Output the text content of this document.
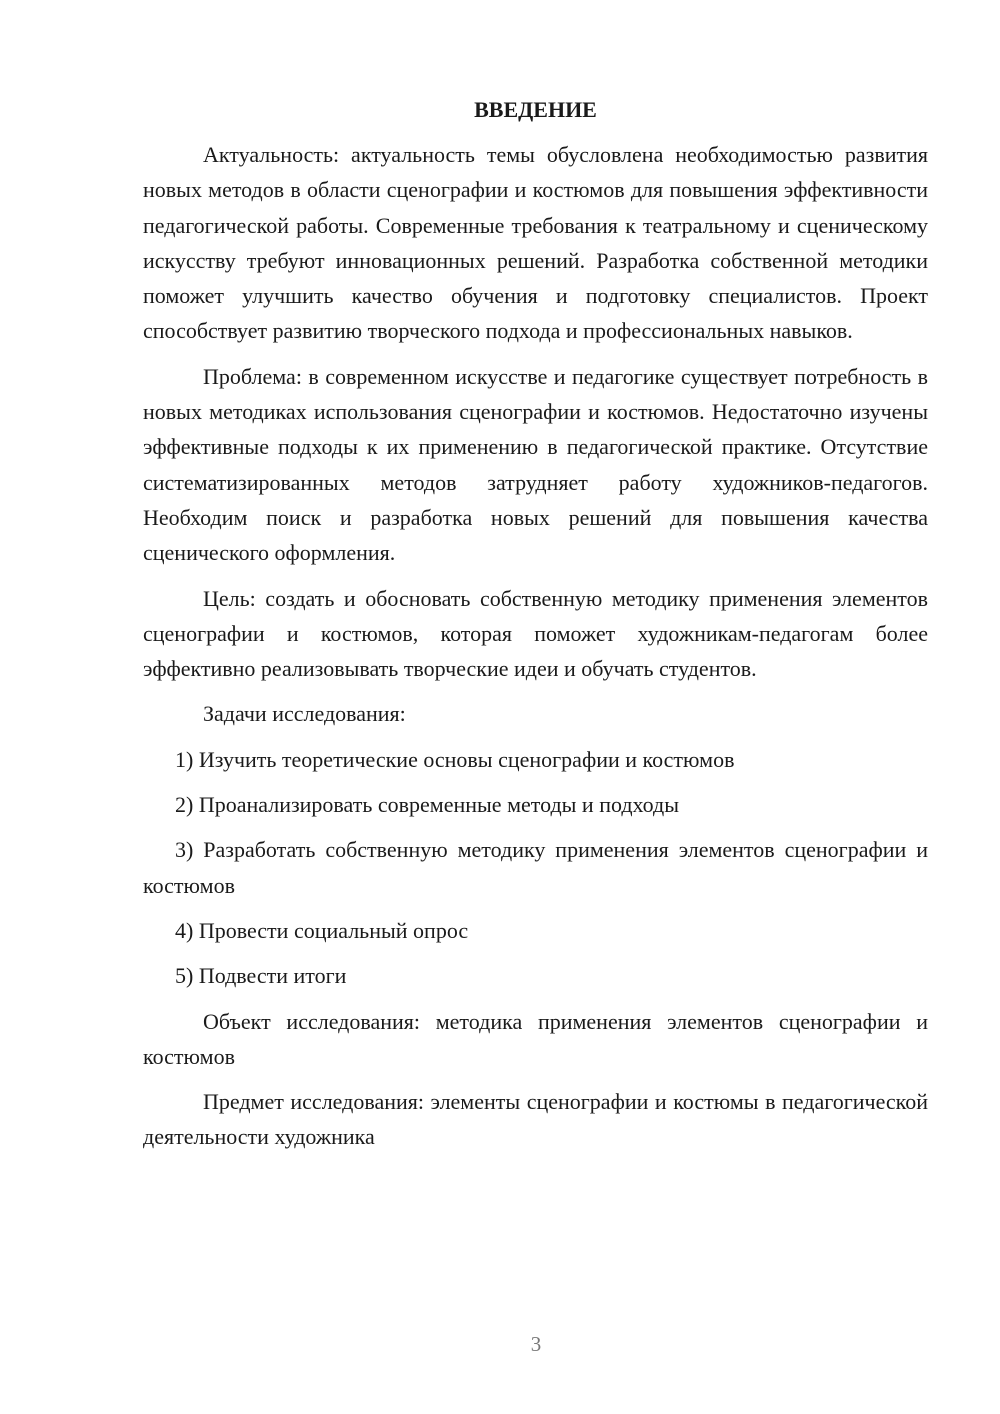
ВВЕДЕНИЕ

Актуальность: актуальность темы обусловлена необходимостью развития новых методов в области сценографии и костюмов для повышения эффективности педагогической работы. Современные требования к театральному и сценическому искусству требуют инновационных решений. Разработка собственной методики поможет улучшить качество обучения и подготовку специалистов. Проект способствует развитию творческого подхода и профессиональных навыков.

Проблема: в современном искусстве и педагогике существует потребность в новых методиках использования сценографии и костюмов. Недостаточно изучены эффективные подходы к их применению в педагогической практике. Отсутствие систематизированных методов затрудняет работу художников-педагогов. Необходим поиск и разработка новых решений для повышения качества сценического оформления.

Цель: создать и обосновать собственную методику применения элементов сценографии и костюмов, которая поможет художникам-педагогам более эффективно реализовывать творческие идеи и обучать студентов.

Задачи исследования:

1) Изучить теоретические основы сценографии и костюмов

2) Проанализировать современные методы и подходы

3) Разработать собственную методику применения элементов сценографии и костюмов

4) Провести социальный опрос

5) Подвести итоги

Объект исследования: методика применения элементов сценографии и костюмов

Предмет исследования: элементы сценографии и костюмы в педагогической деятельности художника

3
